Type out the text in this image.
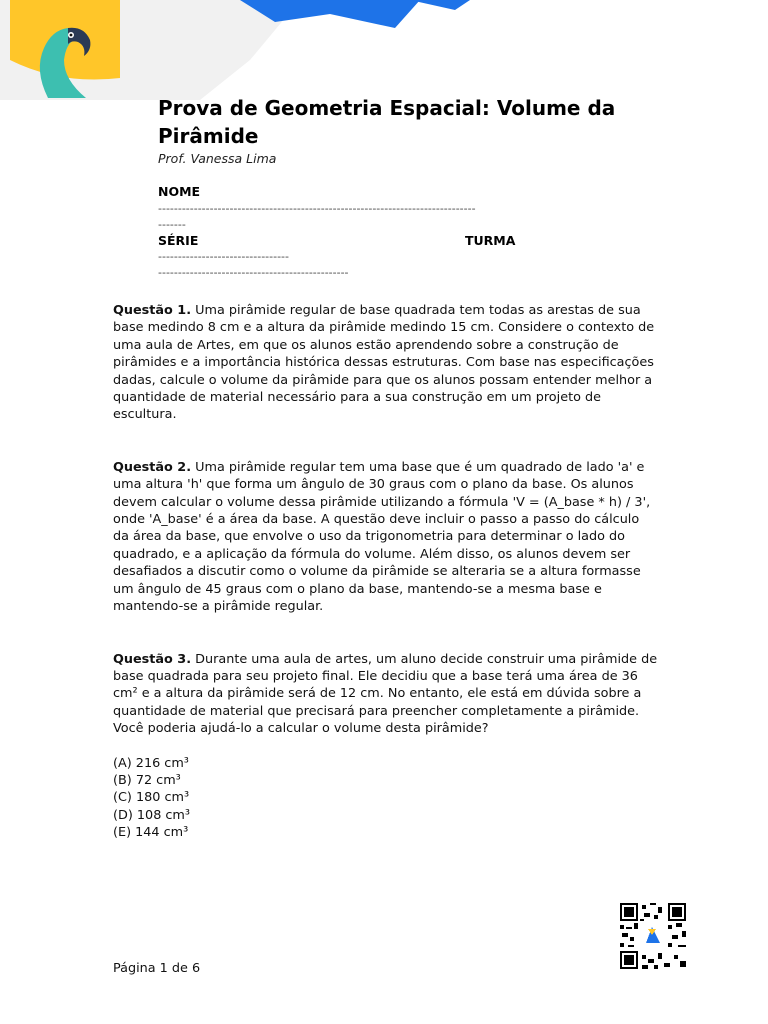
Prova de Geometria Espacial: Volume da Pirâmide
Prof. Vanessa Lima
NOME
--------------------------------------------------------------------------------
-------
SÉRIE
---------------------------------
------------------------------------------------
TURMA

Questão 1. Uma pirâmide regular de base quadrada tem todas as arestas de sua base medindo 8 cm e a altura da pirâmide medindo 15 cm. Considere o contexto de uma aula de Artes, em que os alunos estão aprendendo sobre a construção de pirâmides e a importância histórica dessas estruturas. Com base nas especificações dadas, calcule o volume da pirâmide para que os alunos possam entender melhor a quantidade de material necessário para a sua construção em um projeto de escultura.

Questão 2. Uma pirâmide regular tem uma base que é um quadrado de lado 'a' e uma altura 'h' que forma um ângulo de 30 graus com o plano da base. Os alunos devem calcular o volume dessa pirâmide utilizando a fórmula 'V = (A_base * h) / 3', onde 'A_base' é a área da base. A questão deve incluir o passo a passo do cálculo da área da base, que envolve o uso da trigonometria para determinar o lado do quadrado, e a aplicação da fórmula do volume. Além disso, os alunos devem ser desafiados a discutir como o volume da pirâmide se alteraria se a altura formasse um ângulo de 45 graus com o plano da base, mantendo-se a mesma base e mantendo-se a pirâmide regular.

Questão 3. Durante uma aula de artes, um aluno decide construir uma pirâmide de base quadrada para seu projeto final. Ele decidiu que a base terá uma área de 36 cm² e a altura da pirâmide será de 12 cm. No entanto, ele está em dúvida sobre a quantidade de material que precisará para preencher completamente a pirâmide. Você poderia ajudá-lo a calcular o volume desta pirâmide?

(A) 216 cm³
(B) 72 cm³
(C) 180 cm³
(D) 108 cm³
(E) 144 cm³
Página 1 de 6
